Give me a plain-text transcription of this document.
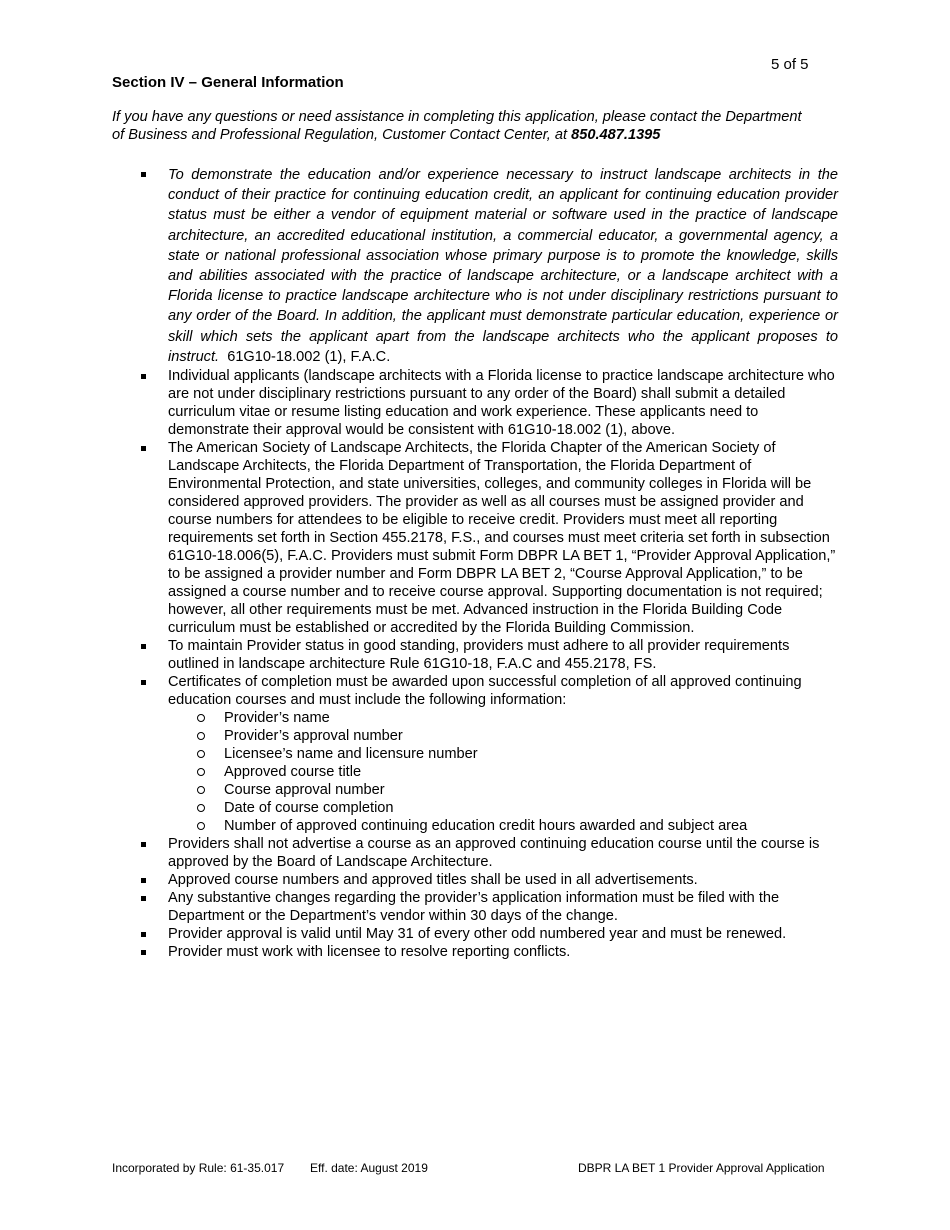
5 of 5
Section IV – General Information
If you have any questions or need assistance in completing this application, please contact the Department of Business and Professional Regulation, Customer Contact Center, at 850.487.1395
To demonstrate the education and/or experience necessary to instruct landscape architects in the conduct of their practice for continuing education credit, an applicant for continuing education provider status must be either a vendor of equipment material or software used in the practice of landscape architecture, an accredited educational institution, a commercial educator, a governmental agency, a state or national professional association whose primary purpose is to promote the knowledge, skills and abilities associated with the practice of landscape architecture, or a landscape architect with a Florida license to practice landscape architecture who is not under disciplinary restrictions pursuant to any order of the Board. In addition, the applicant must demonstrate particular education, experience or skill which sets the applicant apart from the landscape architects who the applicant proposes to instruct. 61G10-18.002 (1), F.A.C.
Individual applicants (landscape architects with a Florida license to practice landscape architecture who are not under disciplinary restrictions pursuant to any order of the Board) shall submit a detailed curriculum vitae or resume listing education and work experience. These applicants need to demonstrate their approval would be consistent with 61G10-18.002 (1), above.
The American Society of Landscape Architects, the Florida Chapter of the American Society of Landscape Architects, the Florida Department of Transportation, the Florida Department of Environmental Protection, and state universities, colleges, and community colleges in Florida will be considered approved providers. The provider as well as all courses must be assigned provider and course numbers for attendees to be eligible to receive credit. Providers must meet all reporting requirements set forth in Section 455.2178, F.S., and courses must meet criteria set forth in subsection 61G10-18.006(5), F.A.C. Providers must submit Form DBPR LA BET 1, “Provider Approval Application,” to be assigned a provider number and Form DBPR LA BET 2, “Course Approval Application,” to be assigned a course number and to receive course approval. Supporting documentation is not required; however, all other requirements must be met. Advanced instruction in the Florida Building Code curriculum must be established or accredited by the Florida Building Commission.
To maintain Provider status in good standing, providers must adhere to all provider requirements outlined in landscape architecture Rule 61G10-18, F.A.C and 455.2178, FS.
Certificates of completion must be awarded upon successful completion of all approved continuing education courses and must include the following information:
Provider’s name
Provider’s approval number
Licensee’s name and licensure number
Approved course title
Course approval number
Date of course completion
Number of approved continuing education credit hours awarded and subject area
Providers shall not advertise a course as an approved continuing education course until the course is approved by the Board of Landscape Architecture.
Approved course numbers and approved titles shall be used in all advertisements.
Any substantive changes regarding the provider’s application information must be filed with the Department or the Department’s vendor within 30 days of the change.
Provider approval is valid until May 31 of every other odd numbered year and must be renewed.
Provider must work with licensee to resolve reporting conflicts.
Incorporated by Rule: 61-35.017 Eff. date: August 2019	DBPR LA BET 1 Provider Approval Application
